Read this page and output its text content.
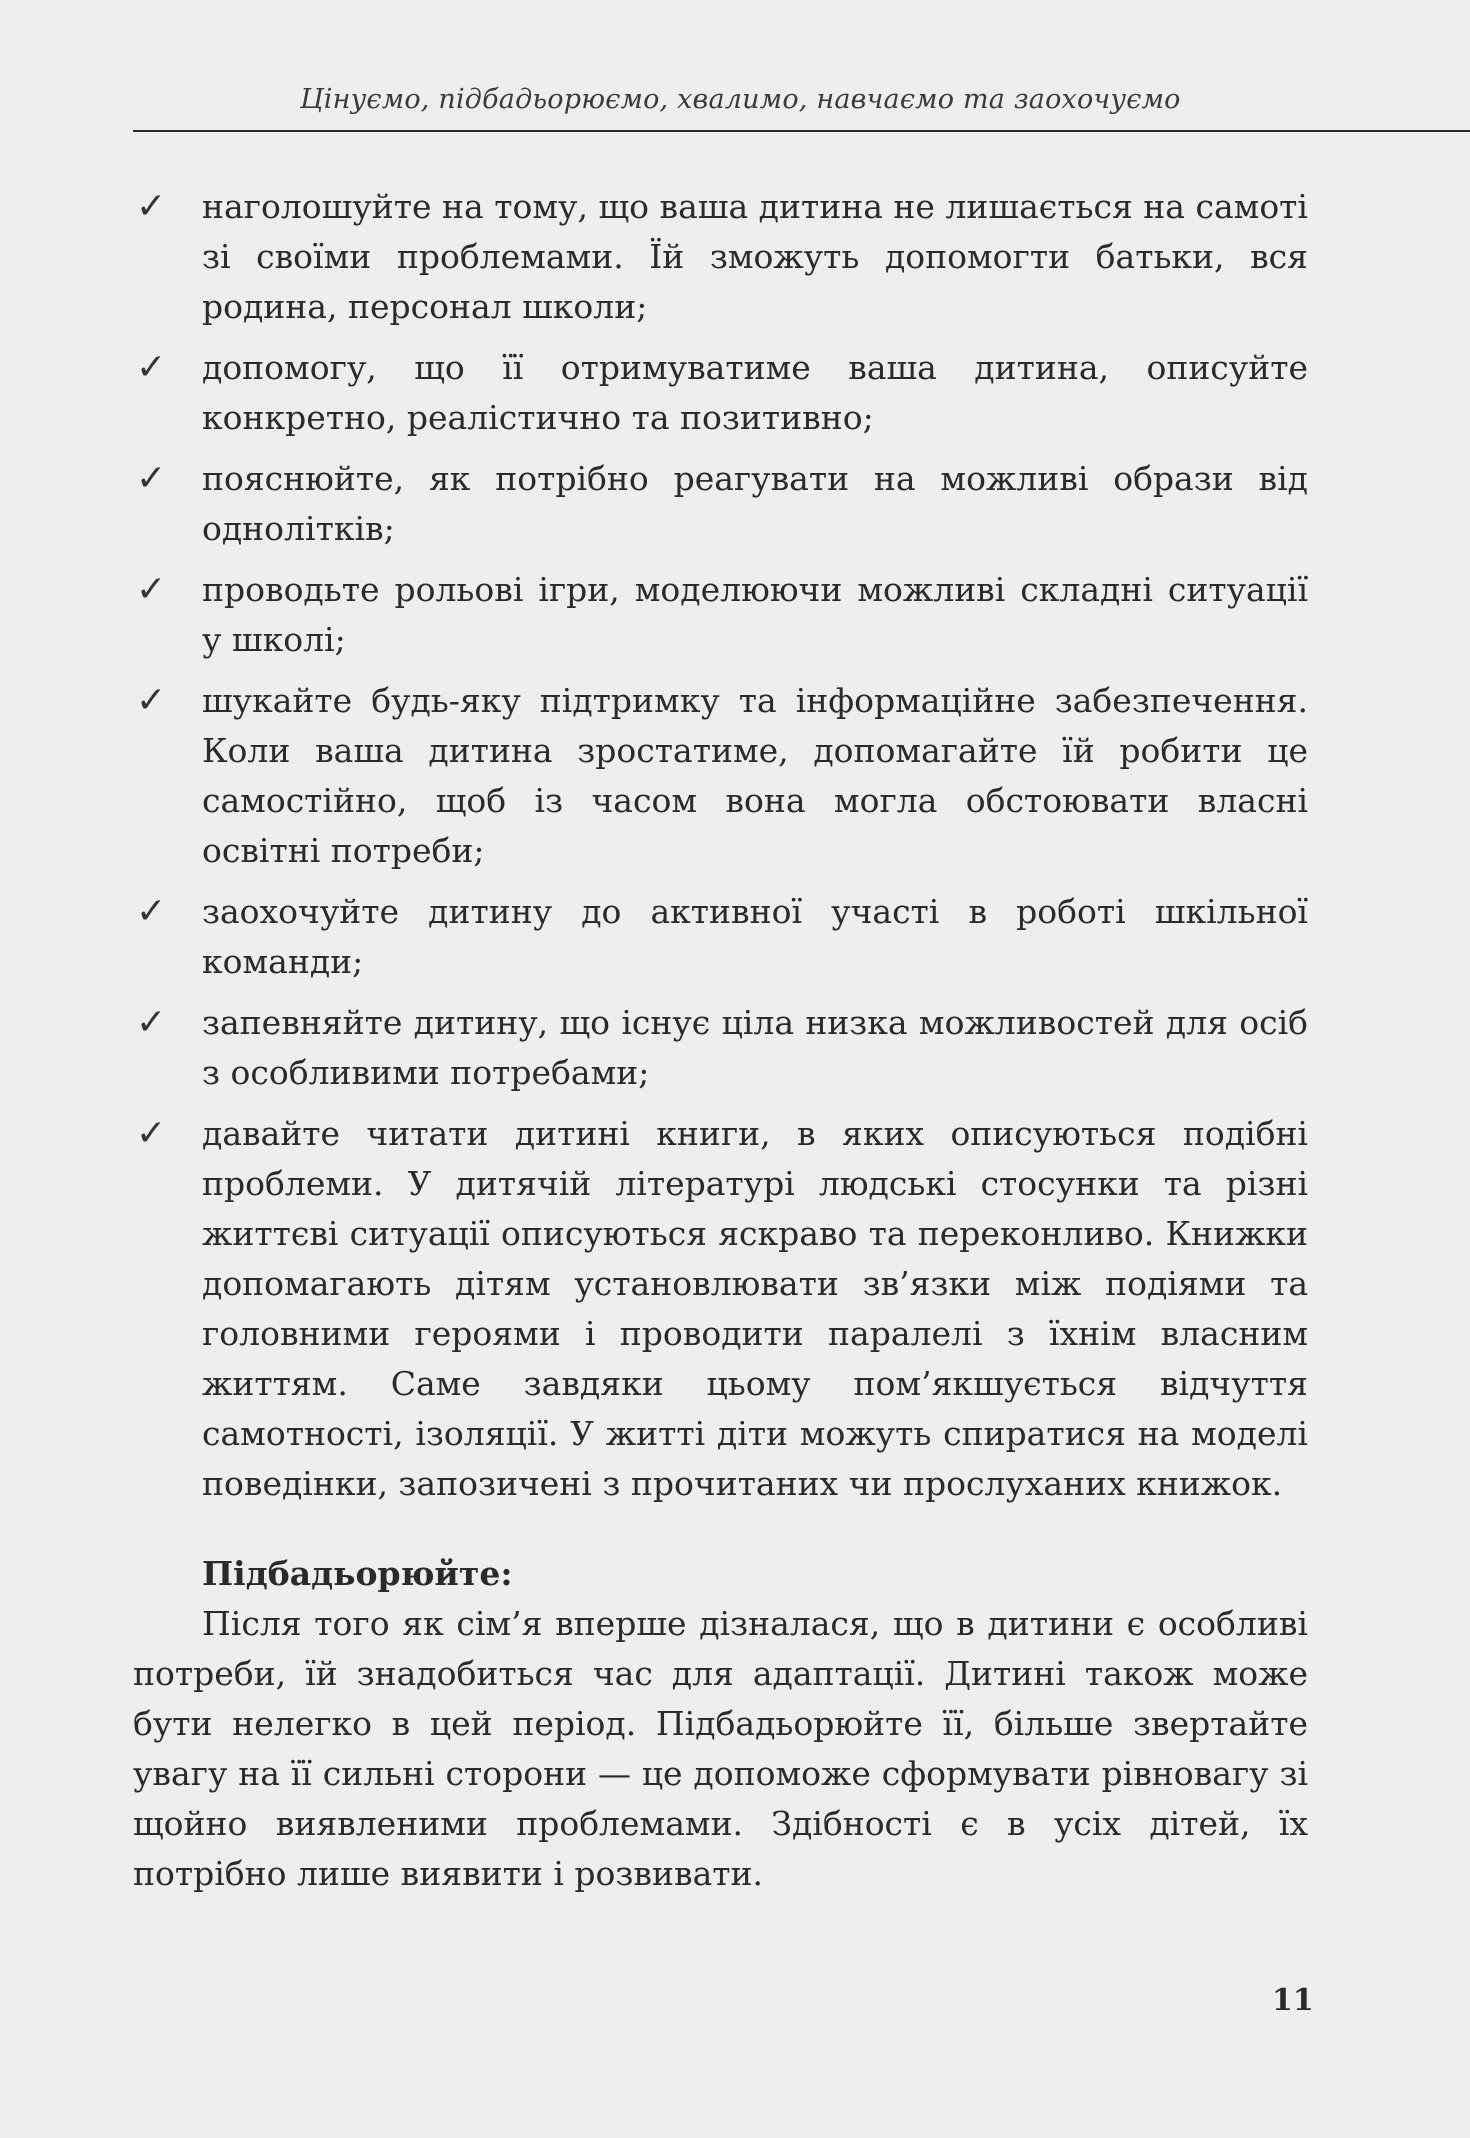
Цінуємо, підбадьорюємо, хвалимо, навчаємо та заохочуємо
✓ наголошуйте на тому, що ваша дитина не лишається на самоті зі своїми проблемами. Їй зможуть допомогти батьки, вся родина, персонал школи;
✓ допомогу, що її отримуватиме ваша дитина, описуйте конкретно, реалістично та позитивно;
✓ пояснюйте, як потрібно реагувати на можливі образи від однолітків;
✓ проводьте рольові ігри, моделюючи можливі складні ситуації у школі;
✓ шукайте будь-яку підтримку та інформаційне забезпечення. Коли ваша дитина зростатиме, допомагайте їй робити це самостійно, щоб із часом вона могла обстоювати власні освітні потреби;
✓ заохочуйте дитину до активної участі в роботі шкільної команди;
✓ запевняйте дитину, що існує ціла низка можливостей для осіб з особливими потребами;
✓ давайте читати дитині книги, в яких описуються подібні проблеми. У дитячій літературі людські стосунки та різні життєві ситуації описуються яскраво та переконливо. Книжки допомагають дітям установлювати зв’язки між подіями та головними героями і проводити паралелі з їхнім власним життям. Саме завдяки цьому пом’якшується відчуття самотності, ізоляції. У житті діти можуть спиратися на моделі поведінки, запозичені з прочитаних чи прослуханих книжок.
Підбадьорюйте:
Після того як сім’я вперше дізналася, що в дитини є особливі потреби, їй знадобиться час для адаптації. Дитині також може бути нелегко в цей період. Підбадьорюйте її, більше звертайте увагу на її сильні сторони — це допоможе сформувати рівновагу зі щойно виявленими проблемами. Здібності є в усіх дітей, їх потрібно лише виявити і розвивати.
11
